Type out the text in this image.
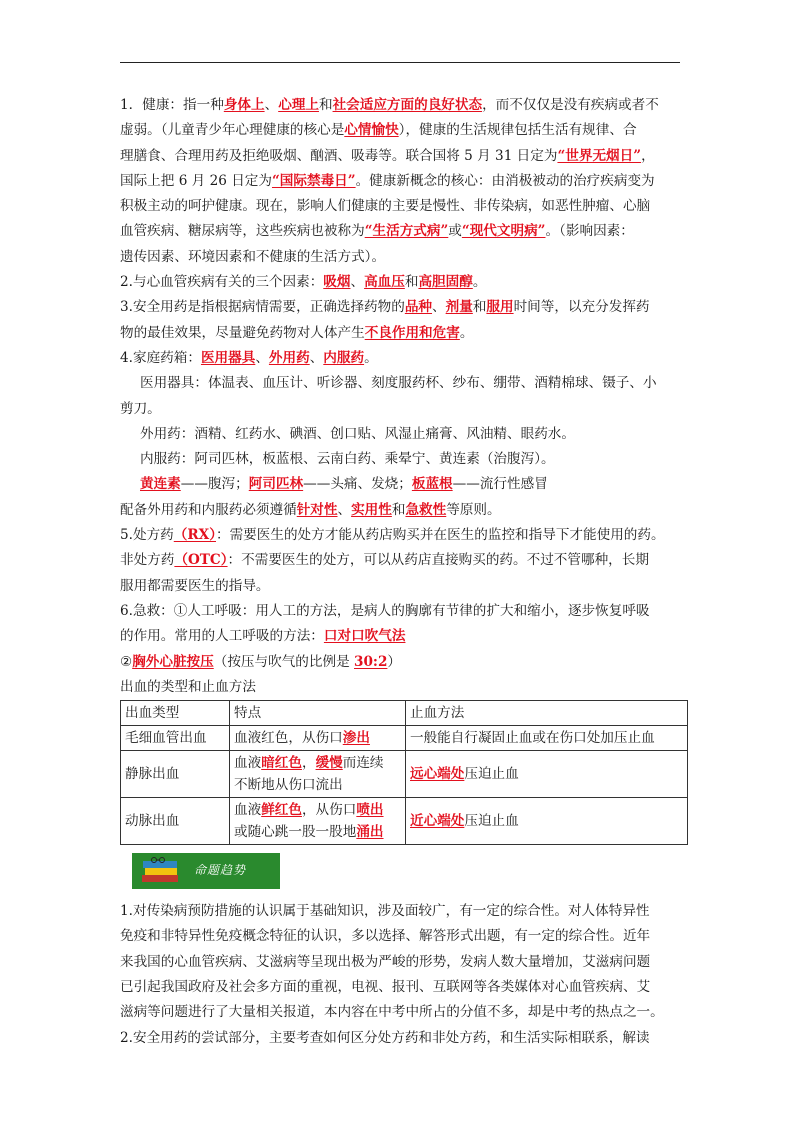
1．健康：指一种身体上、心理上和社会适应方面的良好状态，而不仅仅是没有疾病或者不

虚弱。（儿童青少年心理健康的核心是心情愉快），健康的生活规律包括生活有规律、合

理膳食、合理用药及拒绝吸烟、酗酒、吸毒等。联合国将 5 月 31 日定为“世界无烟日”，

国际上把 6 月 26 日定为“国际禁毒日”。健康新概念的核心：由消极被动的治疗疾病变为

积极主动的呵护健康。现在，影响人们健康的主要是慢性、非传染病，如恶性肿瘤、心脑

血管疾病、糖尿病等，这些疾病也被称为“生活方式病”或“现代文明病”。（影响因素：

遗传因素、环境因素和不健康的生活方式）。

2.与心血管疾病有关的三个因素：吸烟、高血压和高胆固醇。

3.安全用药是指根据病情需要，正确选择药物的品种、剂量和服用时间等，以充分发挥药

物的最佳效果，尽量避免药物对人体产生不良作用和危害。

4.家庭药箱：医用器具、外用药、内服药。

医用器具：体温表、血压计、听诊器、刻度服药杯、纱布、绷带、酒精棉球、镊子、小

剪刀。

外用药：酒精、红药水、碘酒、创口贴、风湿止痛膏、风油精、眼药水。

内服药：阿司匹林，板蓝根、云南白药、乘晕宁、黄连素（治腹泻）。

黄连素——腹泻；阿司匹林——头痛、发烧；板蓝根——流行性感冒

配备外用药和内服药必须遵循针对性、实用性和急救性等原则。

5.处方药（RX）：需要医生的处方才能从药店购买并在医生的监控和指导下才能使用的药。

非处方药（OTC）：不需要医生的处方，可以从药店直接购买的药。不过不管哪种，长期

服用都需要医生的指导。

6.急救：①人工呼吸：用人工的方法，是病人的胸廓有节律的扩大和缩小，逐步恢复呼吸

的作用。常用的人工呼吸的方法：口对口吹气法

②胸外心脏按压（按压与吹气的比例是 30:2）

出血的类型和止血方法

出血类型	特点	止血方法
毛细血管出血	血液红色，从伤口渗出	一般能自行凝固止血或在伤口处加压止血
静脉出血	血液暗红色，缓慢而连续
不断地从伤口流出	远心端处压迫止血
动脉出血	血液鲜红色，从伤口喷出
或随心跳一股一股地涌出	近心端处压迫止血
命题趋势

1.对传染病预防措施的认识属于基础知识，涉及面较广，有一定的综合性。对人体特异性

免疫和非特异性免疫概念特征的认识，多以选择、解答形式出题，有一定的综合性。近年

来我国的心血管疾病、艾滋病等呈现出极为严峻的形势，发病人数大量增加，艾滋病问题

已引起我国政府及社会多方面的重视，电视、报刊、互联网等各类媒体对心血管疾病、艾

滋病等问题进行了大量相关报道，本内容在中考中所占的分值不多，却是中考的热点之一。

2.安全用药的尝试部分，主要考查如何区分处方药和非处方药，和生活实际相联系，解读
